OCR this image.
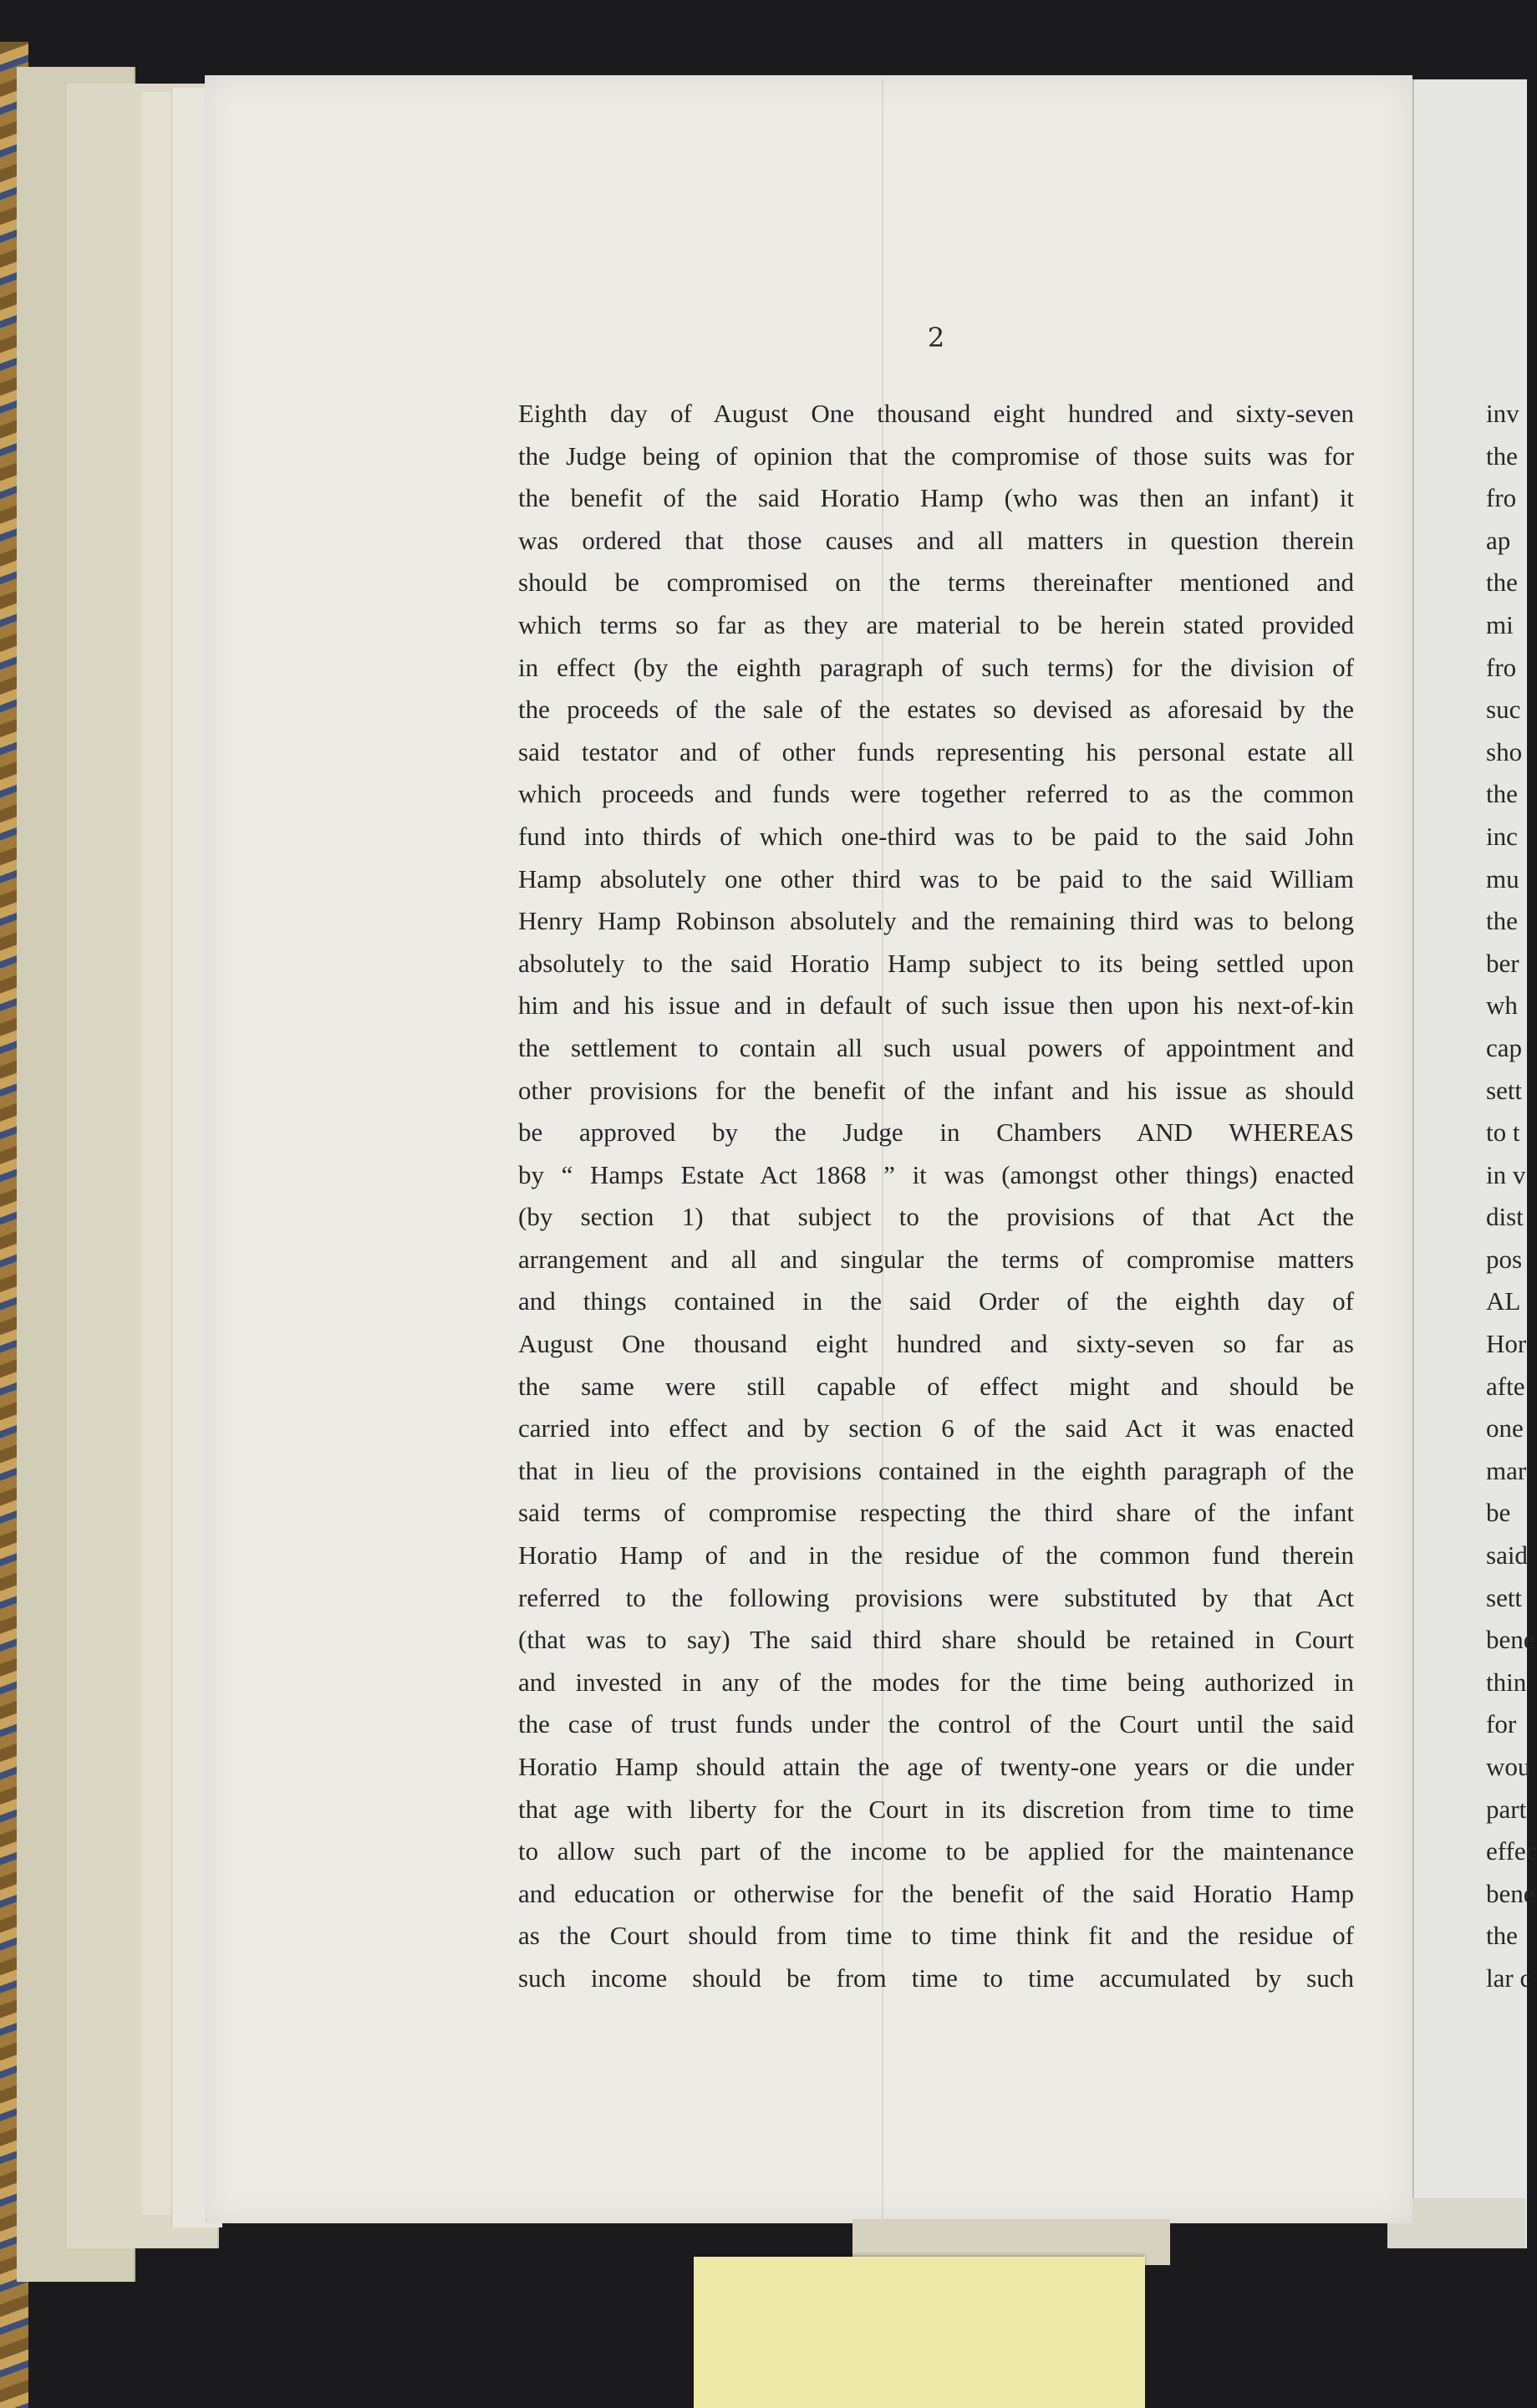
2
Eighth day of August One thousand eight hundred and sixty-seven
the Judge being of opinion that the compromise of those suits was for
the benefit of the said Horatio Hamp (who was then an infant) it
was ordered that those causes and all matters in question therein
should be compromised on the terms thereinafter mentioned and
which terms so far as they are material to be herein stated provided
in effect (by the eighth paragraph of such terms) for the division of
the proceeds of the sale of the estates so devised as aforesaid by the
said testator and of other funds representing his personal estate all
which proceeds and funds were together referred to as the common
fund into thirds of which one-third was to be paid to the said John
Hamp absolutely one other third was to be paid to the said William
Henry Hamp Robinson absolutely and the remaining third was to belong
absolutely to the said Horatio Hamp subject to its being settled upon
him and his issue and in default of such issue then upon his next-of-kin
the settlement to contain all such usual powers of appointment and
other provisions for the benefit of the infant and his issue as should
be approved by the Judge in Chambers AND WHEREAS
by “ Hamps Estate Act 1868 ” it was (amongst other things) enacted
(by section 1) that subject to the provisions of that Act the
arrangement and all and singular the terms of compromise matters
and things contained in the said Order of the eighth day of
August One thousand eight hundred and sixty-seven so far as
the same were still capable of effect might and should be
carried into effect and by section 6 of the said Act it was enacted
that in lieu of the provisions contained in the eighth paragraph of the
said terms of compromise respecting the third share of the infant
Horatio Hamp of and in the residue of the common fund therein
referred to the following provisions were substituted by that Act
(that was to say) The said third share should be retained in Court
and invested in any of the modes for the time being authorized in
the case of trust funds under the control of the Court until the said
Horatio Hamp should attain the age of twenty-one years or die under
that age with liberty for the Court in its discretion from time to time
to allow such part of the income to be applied for the maintenance
and education or otherwise for the benefit of the said Horatio Hamp
as the Court should from time to time think fit and the residue of
such income should be from time to time accumulated by such
inv
the
fro
ap
the
mi
fro
suc
sho
the
inc
mu
the
ber
wh
cap
sett
to t
in v
dist
pos
AL
Hor
afte
one
mar
be
said
sett
bene
thin
for
wou
part
effec
bene
the
lar c
